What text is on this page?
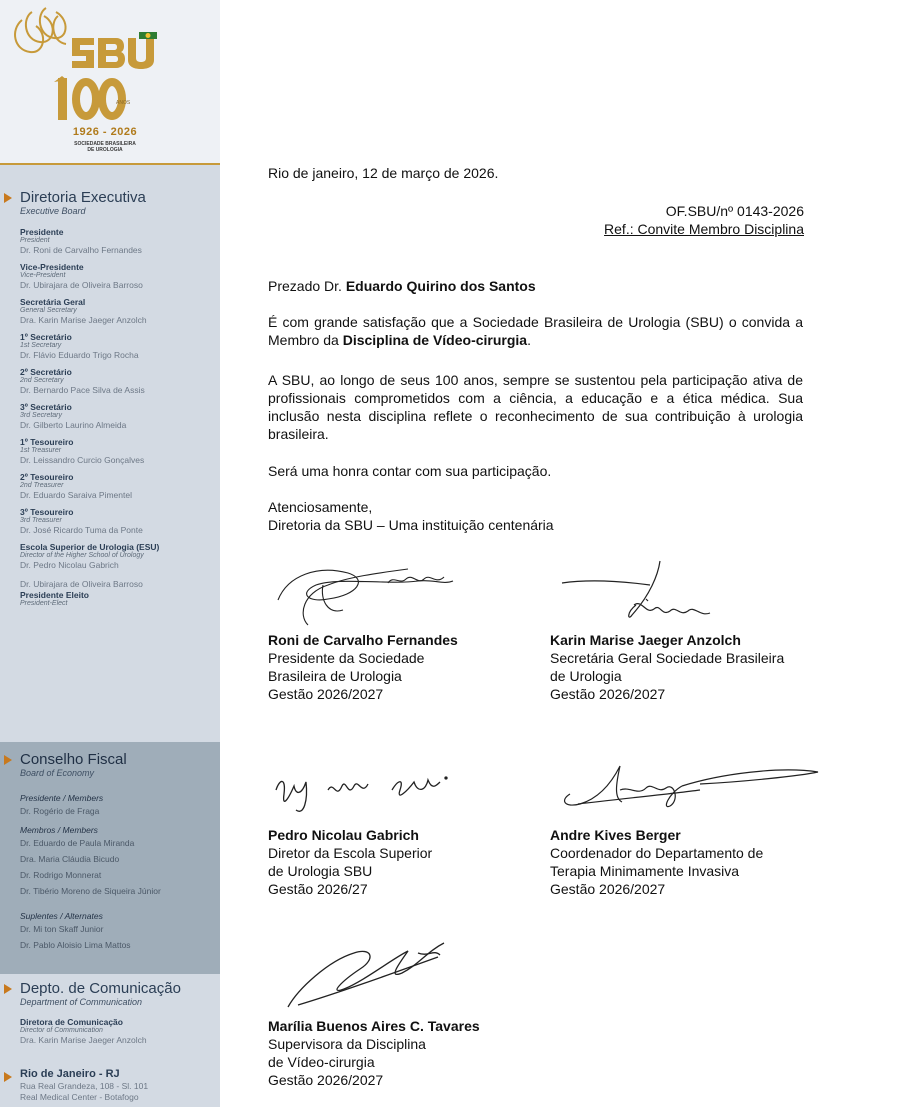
ANOS
1926 - 2026
SOCIEDADE BRASILEIRA
DE UROLOGIA
Diretoria Executiva
Executive Board
Presidente
President
Dr. Roni de Carvalho Fernandes
Vice-Presidente
Vice-President
Dr. Ubirajara de Oliveira Barroso
Secretária Geral
General Secretary
Dra. Karin Marise Jaeger Anzolch
1º Secretário
1st Secretary
Dr. Flávio Eduardo Trigo Rocha
2º Secretário
2nd Secretary
Dr. Bernardo Pace Silva de Assis
3º Secretário
3rd Secretary
Dr. Gilberto Laurino Almeida
1º Tesoureiro
1st Treasurer
Dr. Leissandro Curcio Gonçalves
2º Tesoureiro
2nd Treasurer
Dr. Eduardo Saraiva Pimentel
3º Tesoureiro
3rd Treasurer
Dr. José Ricardo Tuma da Ponte
Escola Superior de Urologia (ESU)
Director of the Higher School of Urology
Dr. Pedro Nicolau Gabrich
Dr. Ubirajara de Oliveira Barroso
Presidente Eleito
President-Elect
Conselho Fiscal
Board of Economy
Presidente / Members
Dr. Rogério de Fraga
Membros / Members
Dr. Eduardo de Paula Miranda
Dra. Maria Cláudia Bicudo
Dr. Rodrigo Monnerat
Dr. Tibério Moreno de Siqueira Júnior
Suplentes / Alternates
Dr. Mi ton Skaff Junior
Dr. Pablo Aloisio Lima Mattos
Depto. de Comunicação
Department of Communication
Diretora de Comunicação
Director of Communication
Dra. Karin Marise Jaeger Anzolch
Rio de Janeiro - RJ
Rua Real Grandeza, 108 - Sl. 101
Real Medical Center - Botafogo
Rio de janeiro, 12 de março de 2026.
OF.SBU/nº 0143-2026
Ref.: Convite Membro Disciplina
Prezado Dr. Eduardo Quirino dos Santos

É com grande satisfação que a Sociedade Brasileira de Urologia (SBU) o convida a Membro da Disciplina de Vídeo-cirurgia.

A SBU, ao longo de seus 100 anos, sempre se sustentou pela participação ativa de profissionais comprometidos com a ciência, a educação e a ética médica. Sua inclusão nesta disciplina reflete o reconhecimento de sua contribuição à urologia brasileira.

Será uma honra contar com sua participação.

Atenciosamente,
Diretoria da SBU – Uma instituição centenária
Roni de Carvalho Fernandes
Presidente da Sociedade
Brasileira de Urologia
Gestão 2026/2027
Karin Marise Jaeger Anzolch
Secretária Geral Sociedade Brasileira
de Urologia
Gestão 2026/2027
Pedro Nicolau Gabrich
Diretor da Escola Superior
de Urologia SBU
Gestão 2026/27
Andre Kives Berger
Coordenador do Departamento de
Terapia Minimamente Invasiva
Gestão 2026/2027
Marília Buenos Aires C. Tavares
Supervisora da Disciplina
de Vídeo-cirurgia
Gestão 2026/2027
